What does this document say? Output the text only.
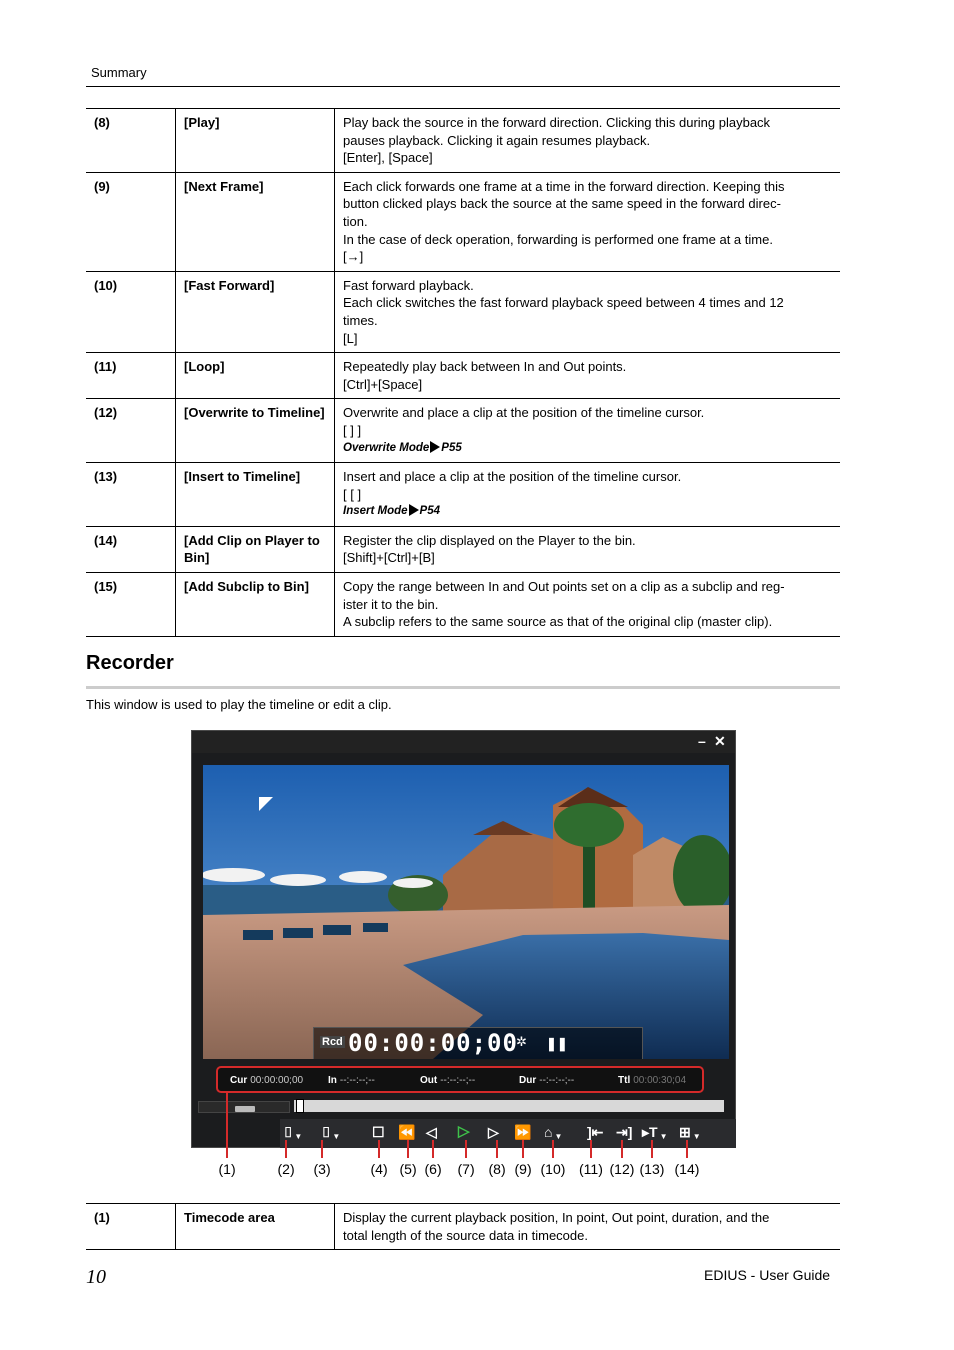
Summary
(8)	[Play]	Play back the source in the forward direction. Clicking this during playback
pauses playback. Clicking it again resumes playback.
[Enter], [Space]

(9)	[Next Frame]	Each click forwards one frame at a time in the forward direction. Keeping this
button clicked plays back the source at the same speed in the forward direc-
tion.
In the case of deck operation, forwarding is performed one frame at a time.
[→]

(10)	[Fast Forward]	Fast forward playback.
Each click switches the fast forward playback speed between 4 times and 12
times.
[L]

(11)	[Loop]	Repeatedly play back between In and Out points.
[Ctrl]+[Space]

(12)	[Overwrite to Timeline]	Overwrite and place a clip at the position of the timeline cursor.
[ ] ]
Overwrite Mode P55

(13)	[Insert to Timeline]	Insert and place a clip at the position of the timeline cursor.
[ [ ]
Insert Mode P54

(14)	[Add Clip on Player to Bin]	Register the clip displayed on the Player to the bin.
[Shift]+[Ctrl]+[B]

(15)	[Add Subclip to Bin]	Copy the range between In and Out points set on a clip as a subclip and reg-
ister it to the bin.
A subclip refers to the same source as that of the original clip (master clip).
Recorder
This window is used to play the timeline or edit a clip.
– ✕
Rcd 00:00:00;00
✲ ❚❚
Cur 00:00:00;00 In --:--:--;--	Out --:--:--;--	Dur --:--:--;--	Ttl 00:00:30;04
⌷ ▼ ⌷ ▼ ☐ ⏪ ◁ ▷ ▷ ⏩ ⌂ ▼ ]⇤ ⇥] ▸T ▼ ⊞ ▼
(1)	(2) (3)	(4) (5) (6) (7) (8) (9) (10) (11) (12) (13) (14)
(1)	Timecode area	Display the current playback position, In point, Out point, duration, and the
total length of the source data in timecode.
10	EDIUS - User Guide
